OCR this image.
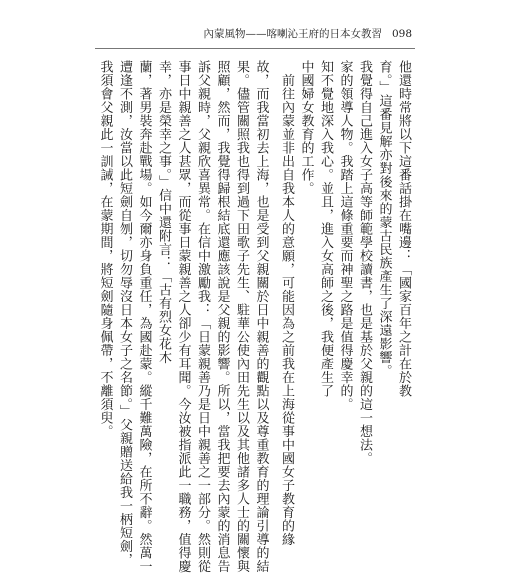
內蒙風物——喀喇沁王府的日本女教習 098
他還時常將以下這番話掛在嘴邊：「國家百年之計在於教
育。」這番見解亦對後來的蒙古民族產生了深遠影響。
我覺得自己進入女子高等師範學校讀書，也是基於父親的這一想法。
家的領導人物。我踏上這條重要而神聖之路是值得慶幸的。
知不覺地深入我心。並且，進入女高師之後，我便產生了
中國婦女教育的工作。
　前往內蒙並非出自我本人的意願，可能因為之前我在上海從事中國女子教育的緣
故，而我當初去上海，也是受到父親關於日中親善的觀點以及尊重教育的理論引導的結
果。儘管關照我也得到過下田歌子先生、駐華公使內田先生以及其他諸多人士的關懷與
照顧，然而，我覺得歸根結底還應該說是父親的影響。所以，當我把要去內蒙的消息告
訴父親時，父親欣喜異常。在信中激勵我：「日蒙親善乃是日中親善之一部分。然則從
事日中親善之人甚眾，而從事日蒙親善之人卻少有耳聞。今汝被指派此一職務，值得慶
幸，亦是榮幸之事。」信中還附言：「古有烈女花木
蘭，著男裝奔赴戰場。如今爾亦身負重任，為國赴蒙。縱千難萬險，在所不辭。然萬一
遭逢不測，汝當以此短劍自刎，切勿辱沒日本女子之名節。」父親贈送給我一柄短劍，
我須會父親此一訓誡，在蒙期間，將短劍隨身佩帶，不離須臾。
